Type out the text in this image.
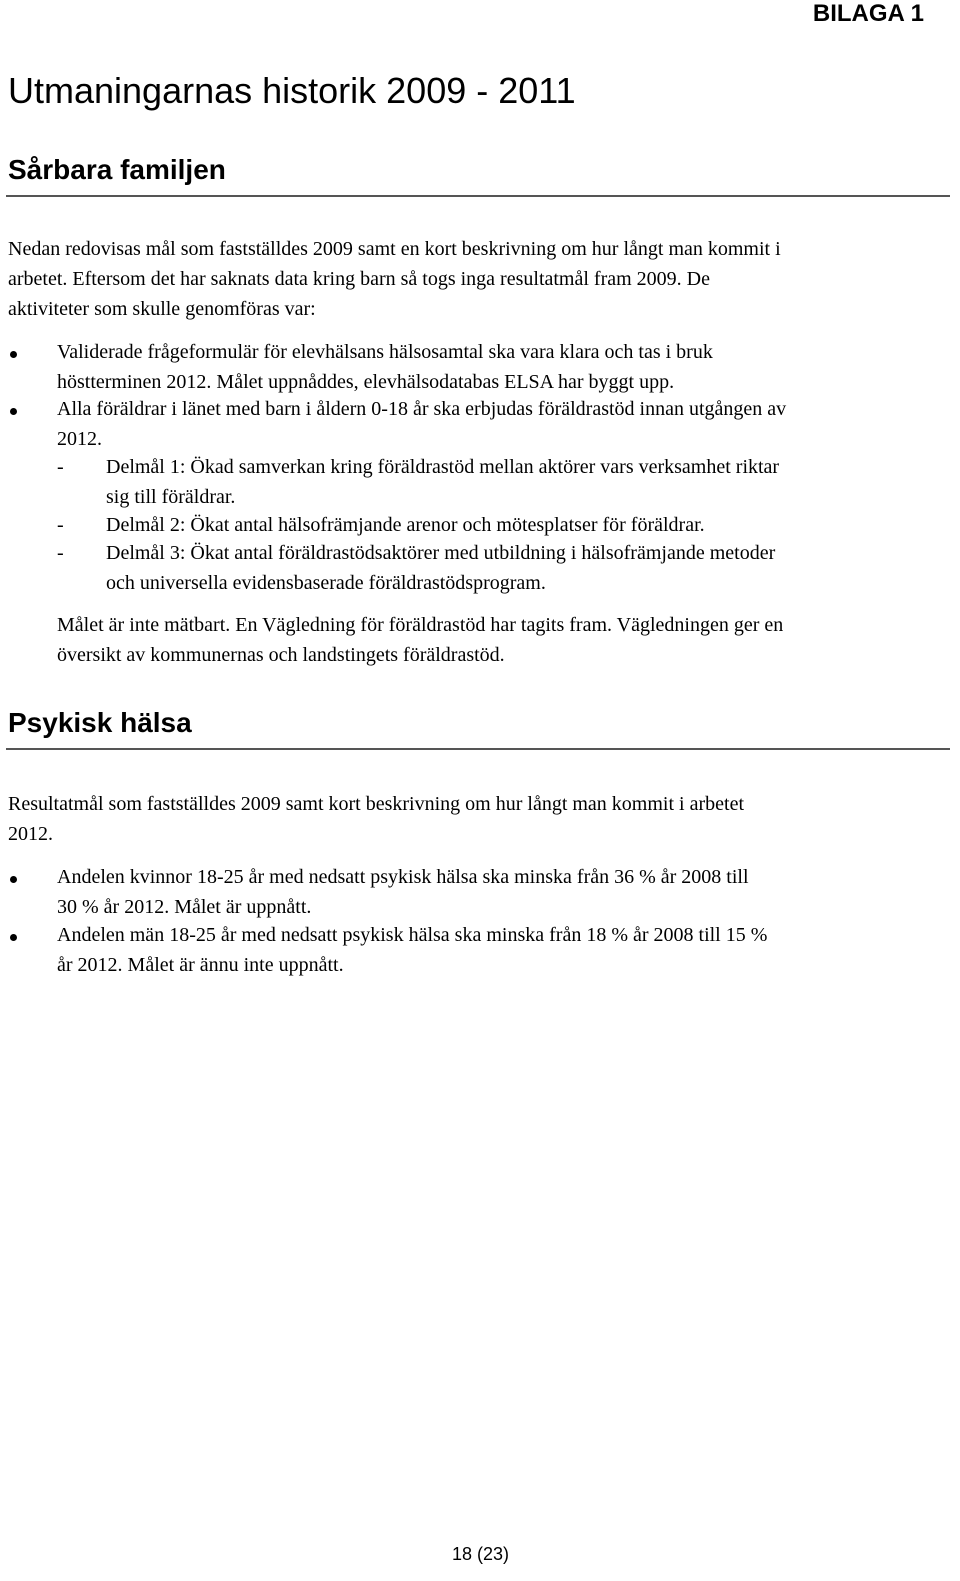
BILAGA 1
Utmaningarnas historik 2009 - 2011
Sårbara familjen
Nedan redovisas mål som fastställdes 2009 samt en kort beskrivning om hur långt man kommit i
arbetet. Eftersom det har saknats data kring barn så togs inga resultatmål fram 2009. De
aktiviteter som skulle genomföras var:
Validerade frågeformulär för elevhälsans hälsosamtal ska vara klara och tas i bruk
höstterminen 2012. Målet uppnåddes, elevhälsodatabas ELSA har byggt upp.
Alla föräldrar i länet med barn i åldern 0-18 år ska erbjudas föräldrastöd innan utgången av
2012.
- Delmål 1: Ökad samverkan kring föräldrastöd mellan aktörer vars verksamhet riktar
sig till föräldrar.
- Delmål 2: Ökat antal hälsofrämjande arenor och mötesplatser för föräldrar.
- Delmål 3: Ökat antal föräldrastödsaktörer med utbildning i hälsofrämjande metoder
och universella evidensbaserade föräldrastödsprogram.
Målet är inte mätbart. En Vägledning för föräldrastöd har tagits fram. Vägledningen ger en
översikt av kommunernas och landstingets föräldrastöd.
Psykisk hälsa
Resultatmål som fastställdes 2009 samt kort beskrivning om hur långt man kommit i arbetet
2012.
Andelen kvinnor 18-25 år med nedsatt psykisk hälsa ska minska från 36 % år 2008 till
30 % år 2012. Målet är uppnått.
Andelen män 18-25 år med nedsatt psykisk hälsa ska minska från 18 % år 2008 till 15 %
år 2012. Målet är ännu inte uppnått.
18 (23)
